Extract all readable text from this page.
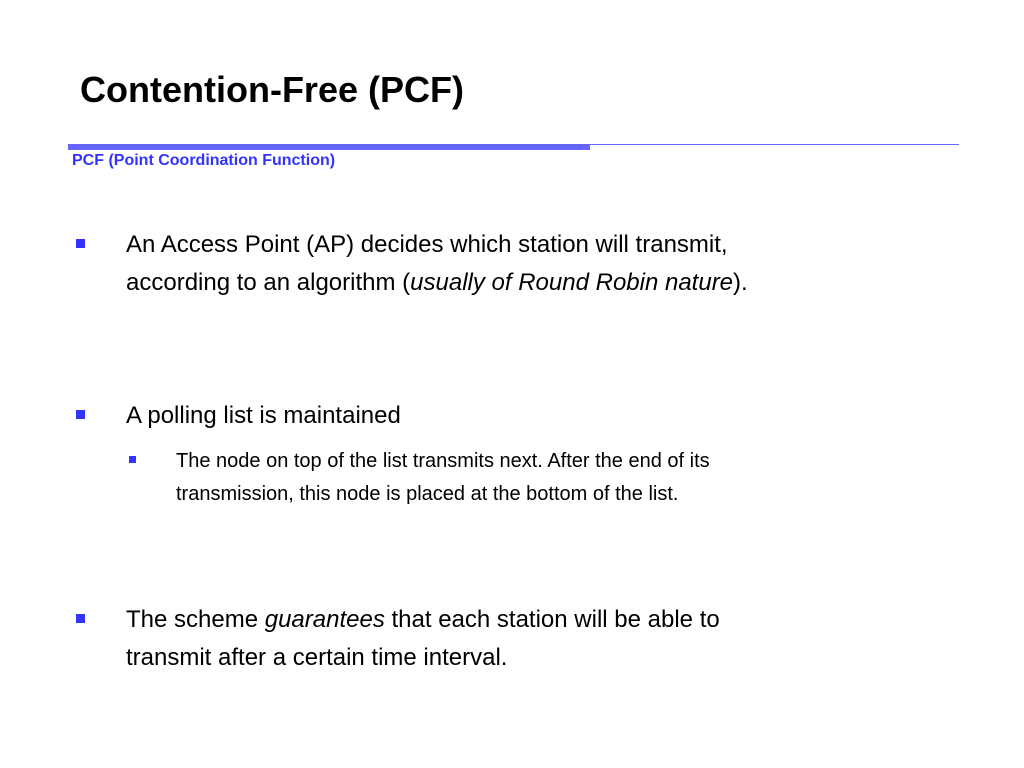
Contention-Free (PCF)
PCF (Point Coordination Function)

An Access Point (AP) decides which station will transmit,
according to an algorithm (usually of Round Robin nature).

A polling list is maintained

The node on top of the list transmits next. After the end of its
transmission, this node is placed at the bottom of the list.

The scheme guarantees that each station will be able to
transmit after a certain time interval.
